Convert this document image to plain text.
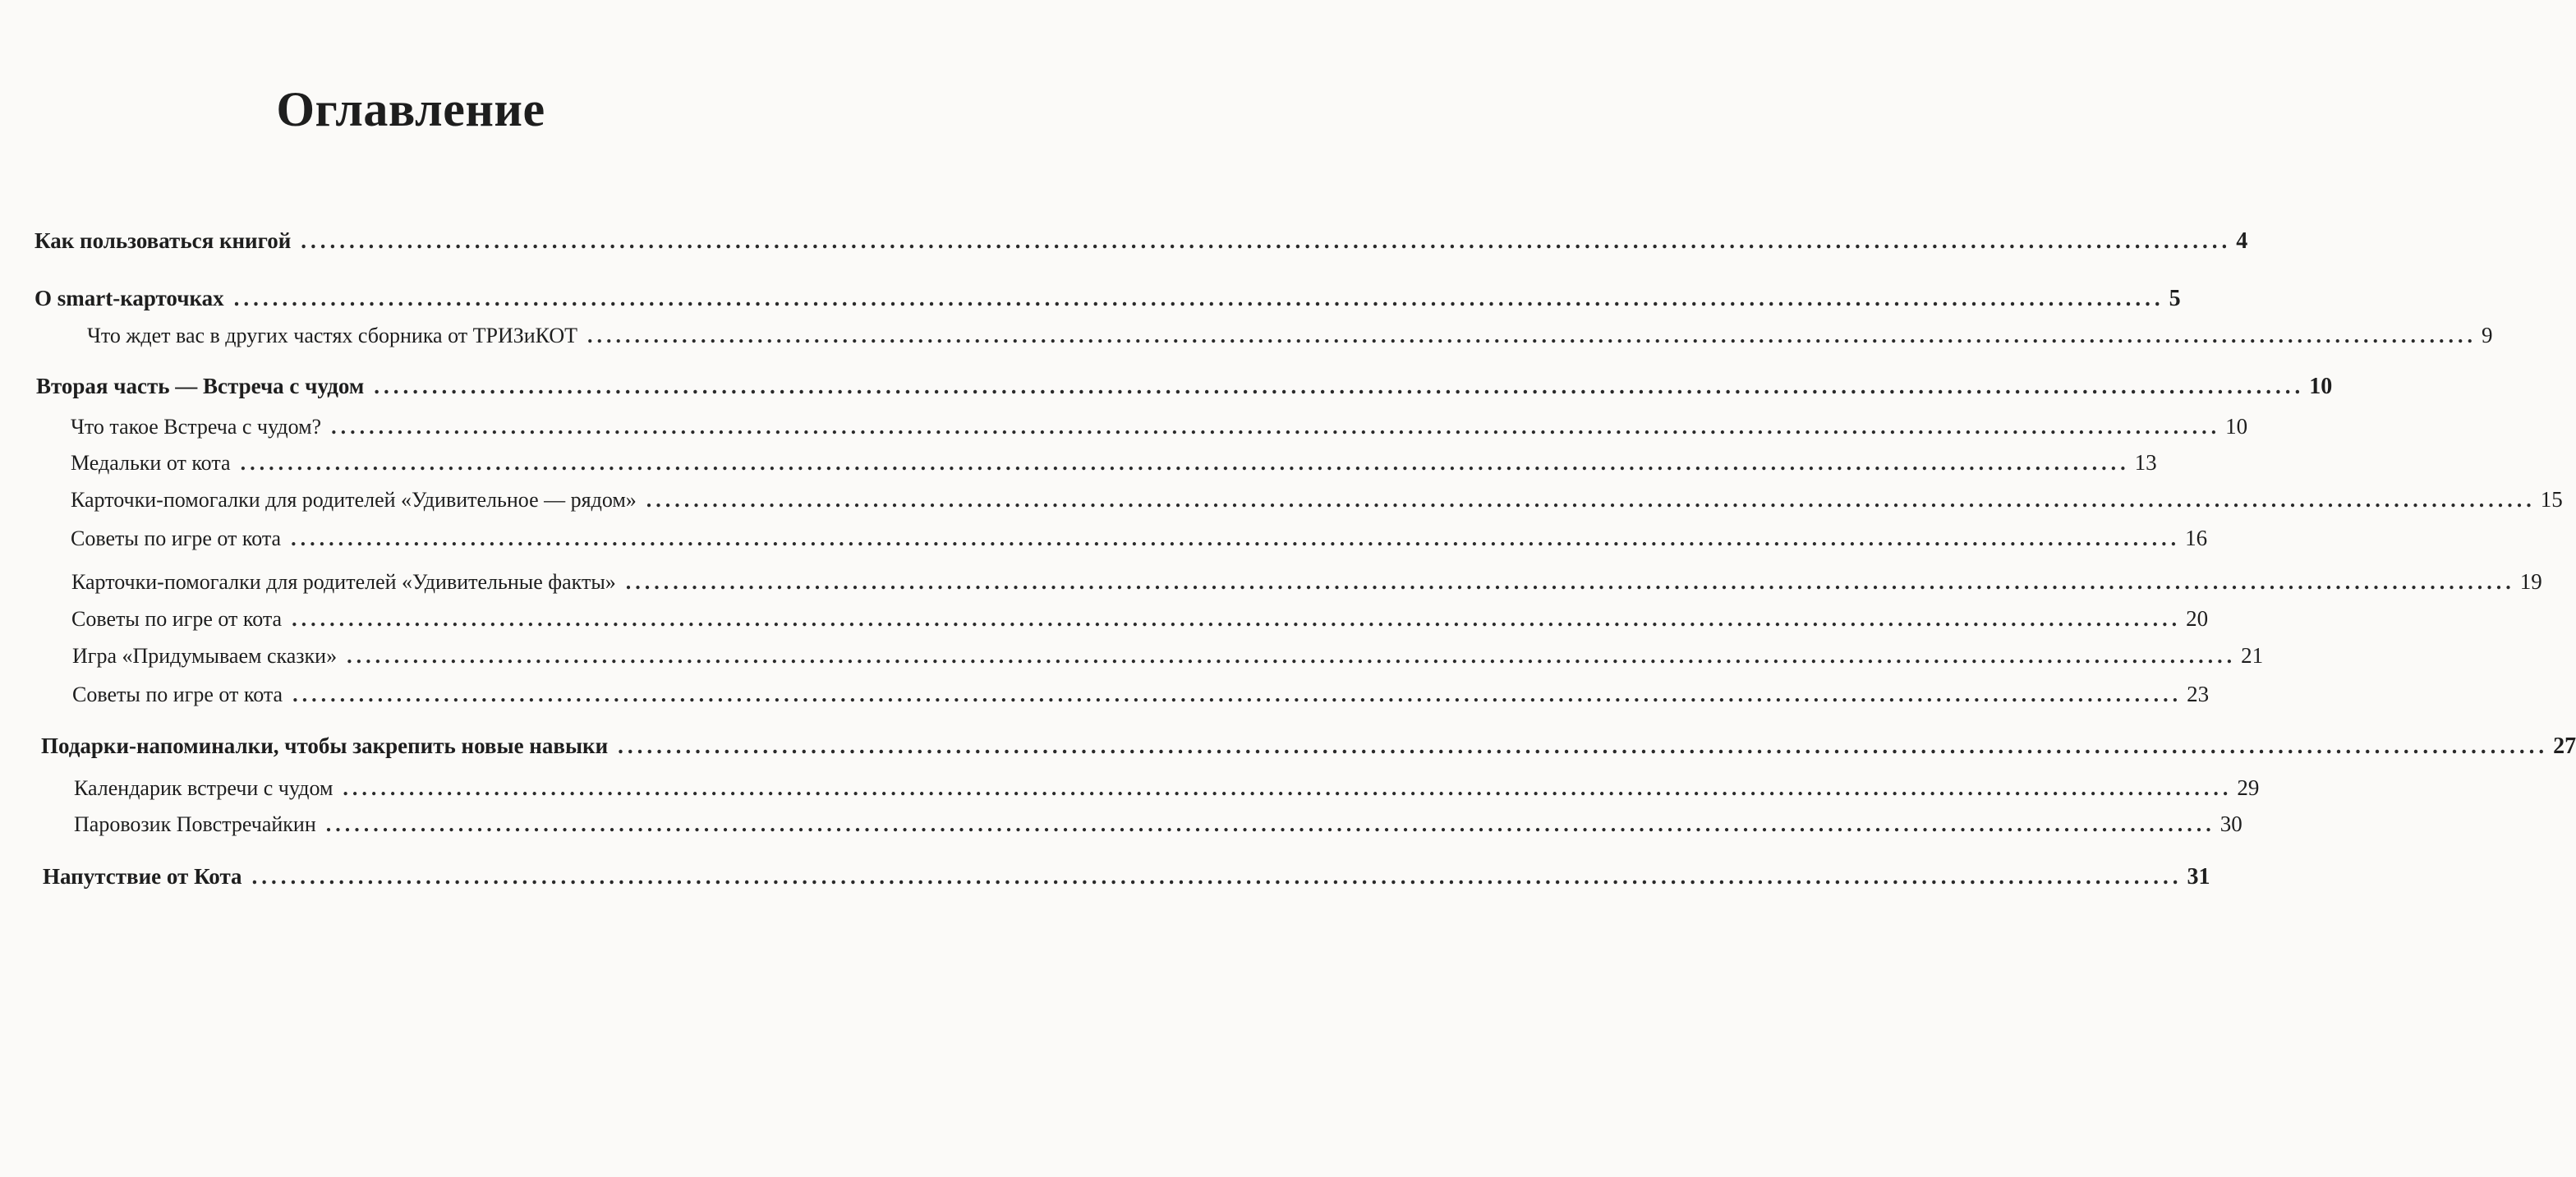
Оглавление
Как пользоваться книгой ........................................................................................................................................................................................................ 4
О smart-карточках ........................................................................................................................................................................................................ 5
Что ждет вас в других частях сборника от ТРИЗиКОТ ........................................................................................................................................................................................................ 9
Вторая часть — Встреча с чудом ........................................................................................................................................................................................................ 10
Что такое Встреча с чудом? ........................................................................................................................................................................................................ 10
Медальки от кота ........................................................................................................................................................................................................ 13
Карточки-помогалки для родителей «Удивительное — рядом» ........................................................................................................................................................................................................ 15
Советы по игре от кота ........................................................................................................................................................................................................ 16
Карточки-помогалки для родителей «Удивительные факты» ........................................................................................................................................................................................................ 19
Советы по игре от кота ........................................................................................................................................................................................................ 20
Игра «Придумываем сказки» ........................................................................................................................................................................................................ 21
Советы по игре от кота ........................................................................................................................................................................................................ 23
Подарки-напоминалки, чтобы закрепить новые навыки ........................................................................................................................................................................................................ 27
Календарик встречи с чудом ........................................................................................................................................................................................................ 29
Паровозик Повстречайкин ........................................................................................................................................................................................................ 30
Напутствие от Кота ........................................................................................................................................................................................................ 31
